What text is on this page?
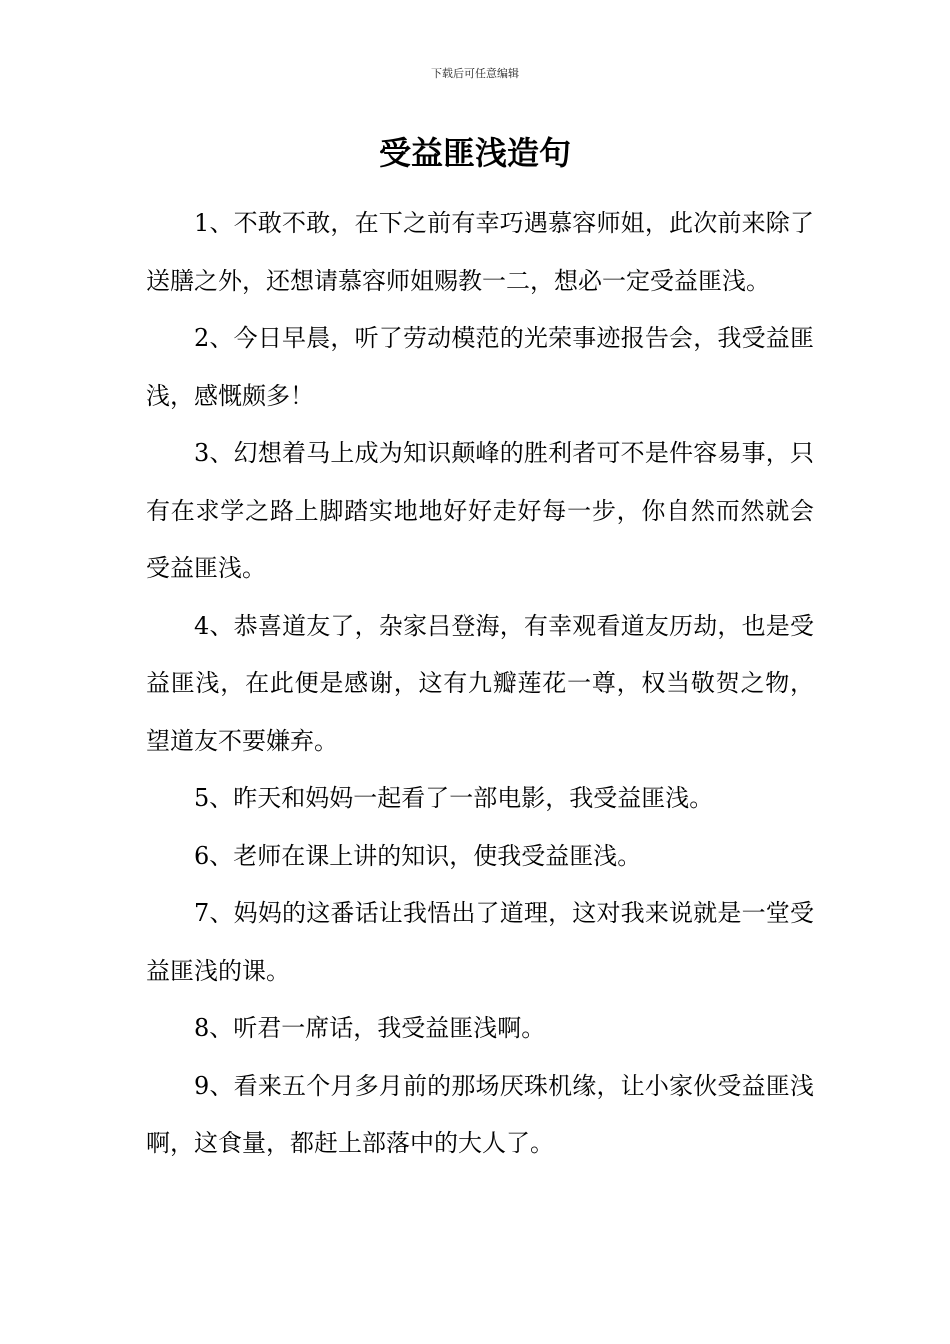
下载后可任意编辑
受益匪浅造句

1、不敢不敢，在下之前有幸巧遇慕容师姐，此次前来除了送膳之外，还想请慕容师姐赐教一二，想必一定受益匪浅。

2、今日早晨，听了劳动模范的光荣事迹报告会，我受益匪浅，感慨颇多！

3、幻想着马上成为知识颠峰的胜利者可不是件容易事，只有在求学之路上脚踏实地地好好走好每一步，你自然而然就会受益匪浅。

4、恭喜道友了，杂家吕登海，有幸观看道友历劫，也是受益匪浅，在此便是感谢，这有九瓣莲花一尊，权当敬贺之物，望道友不要嫌弃。

5、昨天和妈妈一起看了一部电影，我受益匪浅。

6、老师在课上讲的知识，使我受益匪浅。

7、妈妈的这番话让我悟出了道理，这对我来说就是一堂受益匪浅的课。

8、听君一席话，我受益匪浅啊。

9、看来五个月多月前的那场厌珠机缘，让小家伙受益匪浅啊，这食量，都赶上部落中的大人了。
